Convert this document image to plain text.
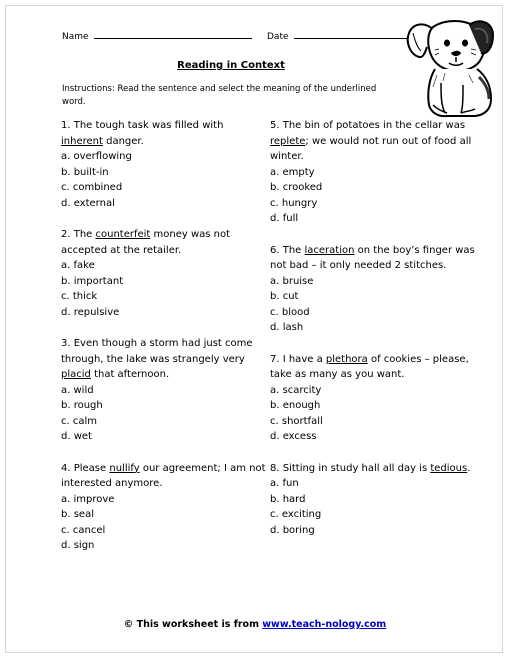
Name	Date
Reading in Context
Instructions: Read the sentence and select the meaning of the underlined word.

1. The tough task was filled with inherent danger.

a. overflowing

b. built-in

c. combined

d. external

2. The counterfeit money was not accepted at the retailer.

a. fake

b. important

c. thick

d. repulsive

3. Even though a storm had just come through, the lake was strangely very placid that afternoon.

a. wild

b. rough

c. calm

d. wet

4. Please nullify our agreement; I am not interested anymore.

a. improve

b. seal

c. cancel

d. sign

5. The bin of potatoes in the cellar was replete; we would not run out of food all winter.

a. empty

b. crooked

c. hungry

d. full

6. The laceration on the boy’s finger was not bad – it only needed 2 stitches.

a. bruise

b. cut

c. blood

d. lash

7. I have a plethora of cookies – please, take as many as you want.

a. scarcity

b. enough

c. shortfall

d. excess

8. Sitting in study hall all day is tedious.

a. fun

b. hard

c. exciting

d. boring

© This worksheet is from www.teach-nology.com
